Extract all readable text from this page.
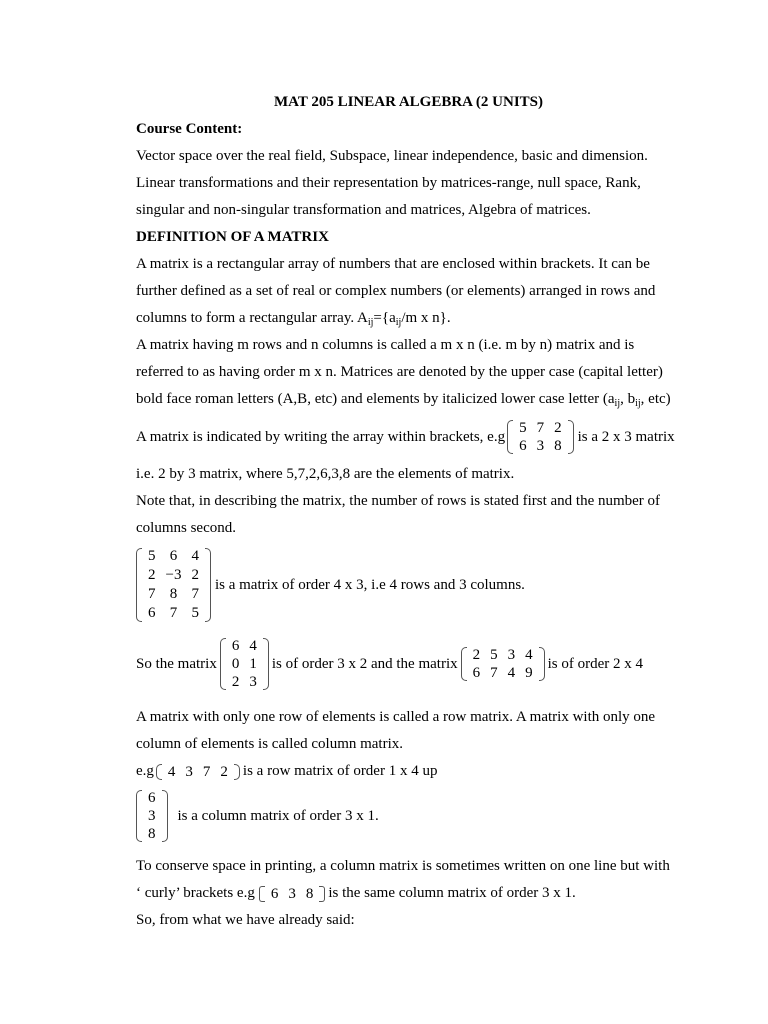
MAT 205 LINEAR ALGEBRA (2 UNITS)

Course Content:

Vector space over the real field, Subspace, linear independence, basic and dimension.

Linear transformations and their representation by matrices-range, null space, Rank,

singular and non-singular transformation and matrices, Algebra of matrices.

DEFINITION OF A MATRIX

A matrix is a rectangular array of numbers that are enclosed within brackets. It can be

further defined as a set of real or complex numbers (or elements) arranged in rows and

columns to form a rectangular array. $A_{ij}=\{a_{ij}/m$ x n}.

A matrix having m rows and n columns is called a m x n (i.e. m by n) matrix and is

referred to as having order m x n. Matrices are denoted by the upper case (capital letter)

bold face roman letters (A,B, etc) and elements by italicized lower case letter ($a_{ij}$, $b_{ij}$, etc)

A matrix is indicated by writing the array within brackets, e.g
5 7 2
6 3 8
is a 2 x 3 matrix

i.e. 2 by 3 matrix, where 5,7,2,6,3,8 are the elements of matrix.

Note that, in describing the matrix, the number of rows is stated first and the number of

columns second.

5 6 4
2 −3 2
7 8 7
6 7 5
is a matrix of order 4 x 3, i.e 4 rows and 3 columns.

So the matrix
6 4
0 1
2 3
is of order 3 x 2 and the matrix
2 5 3 4
6 7 4 9
is of order 2 x 4

A matrix with only one row of elements is called a row matrix. A matrix with only one

column of elements is called column matrix.

e.g 4 3 7 2	is a row matrix of order 1 x 4 up

6
3
8
is a column matrix of order 3 x 1.

To conserve space in printing, a column matrix is sometimes written on one line but with

‘ curly’ brackets e.g	6 3 8	is the same column matrix of order 3 x 1.

So, from what we have already said:
